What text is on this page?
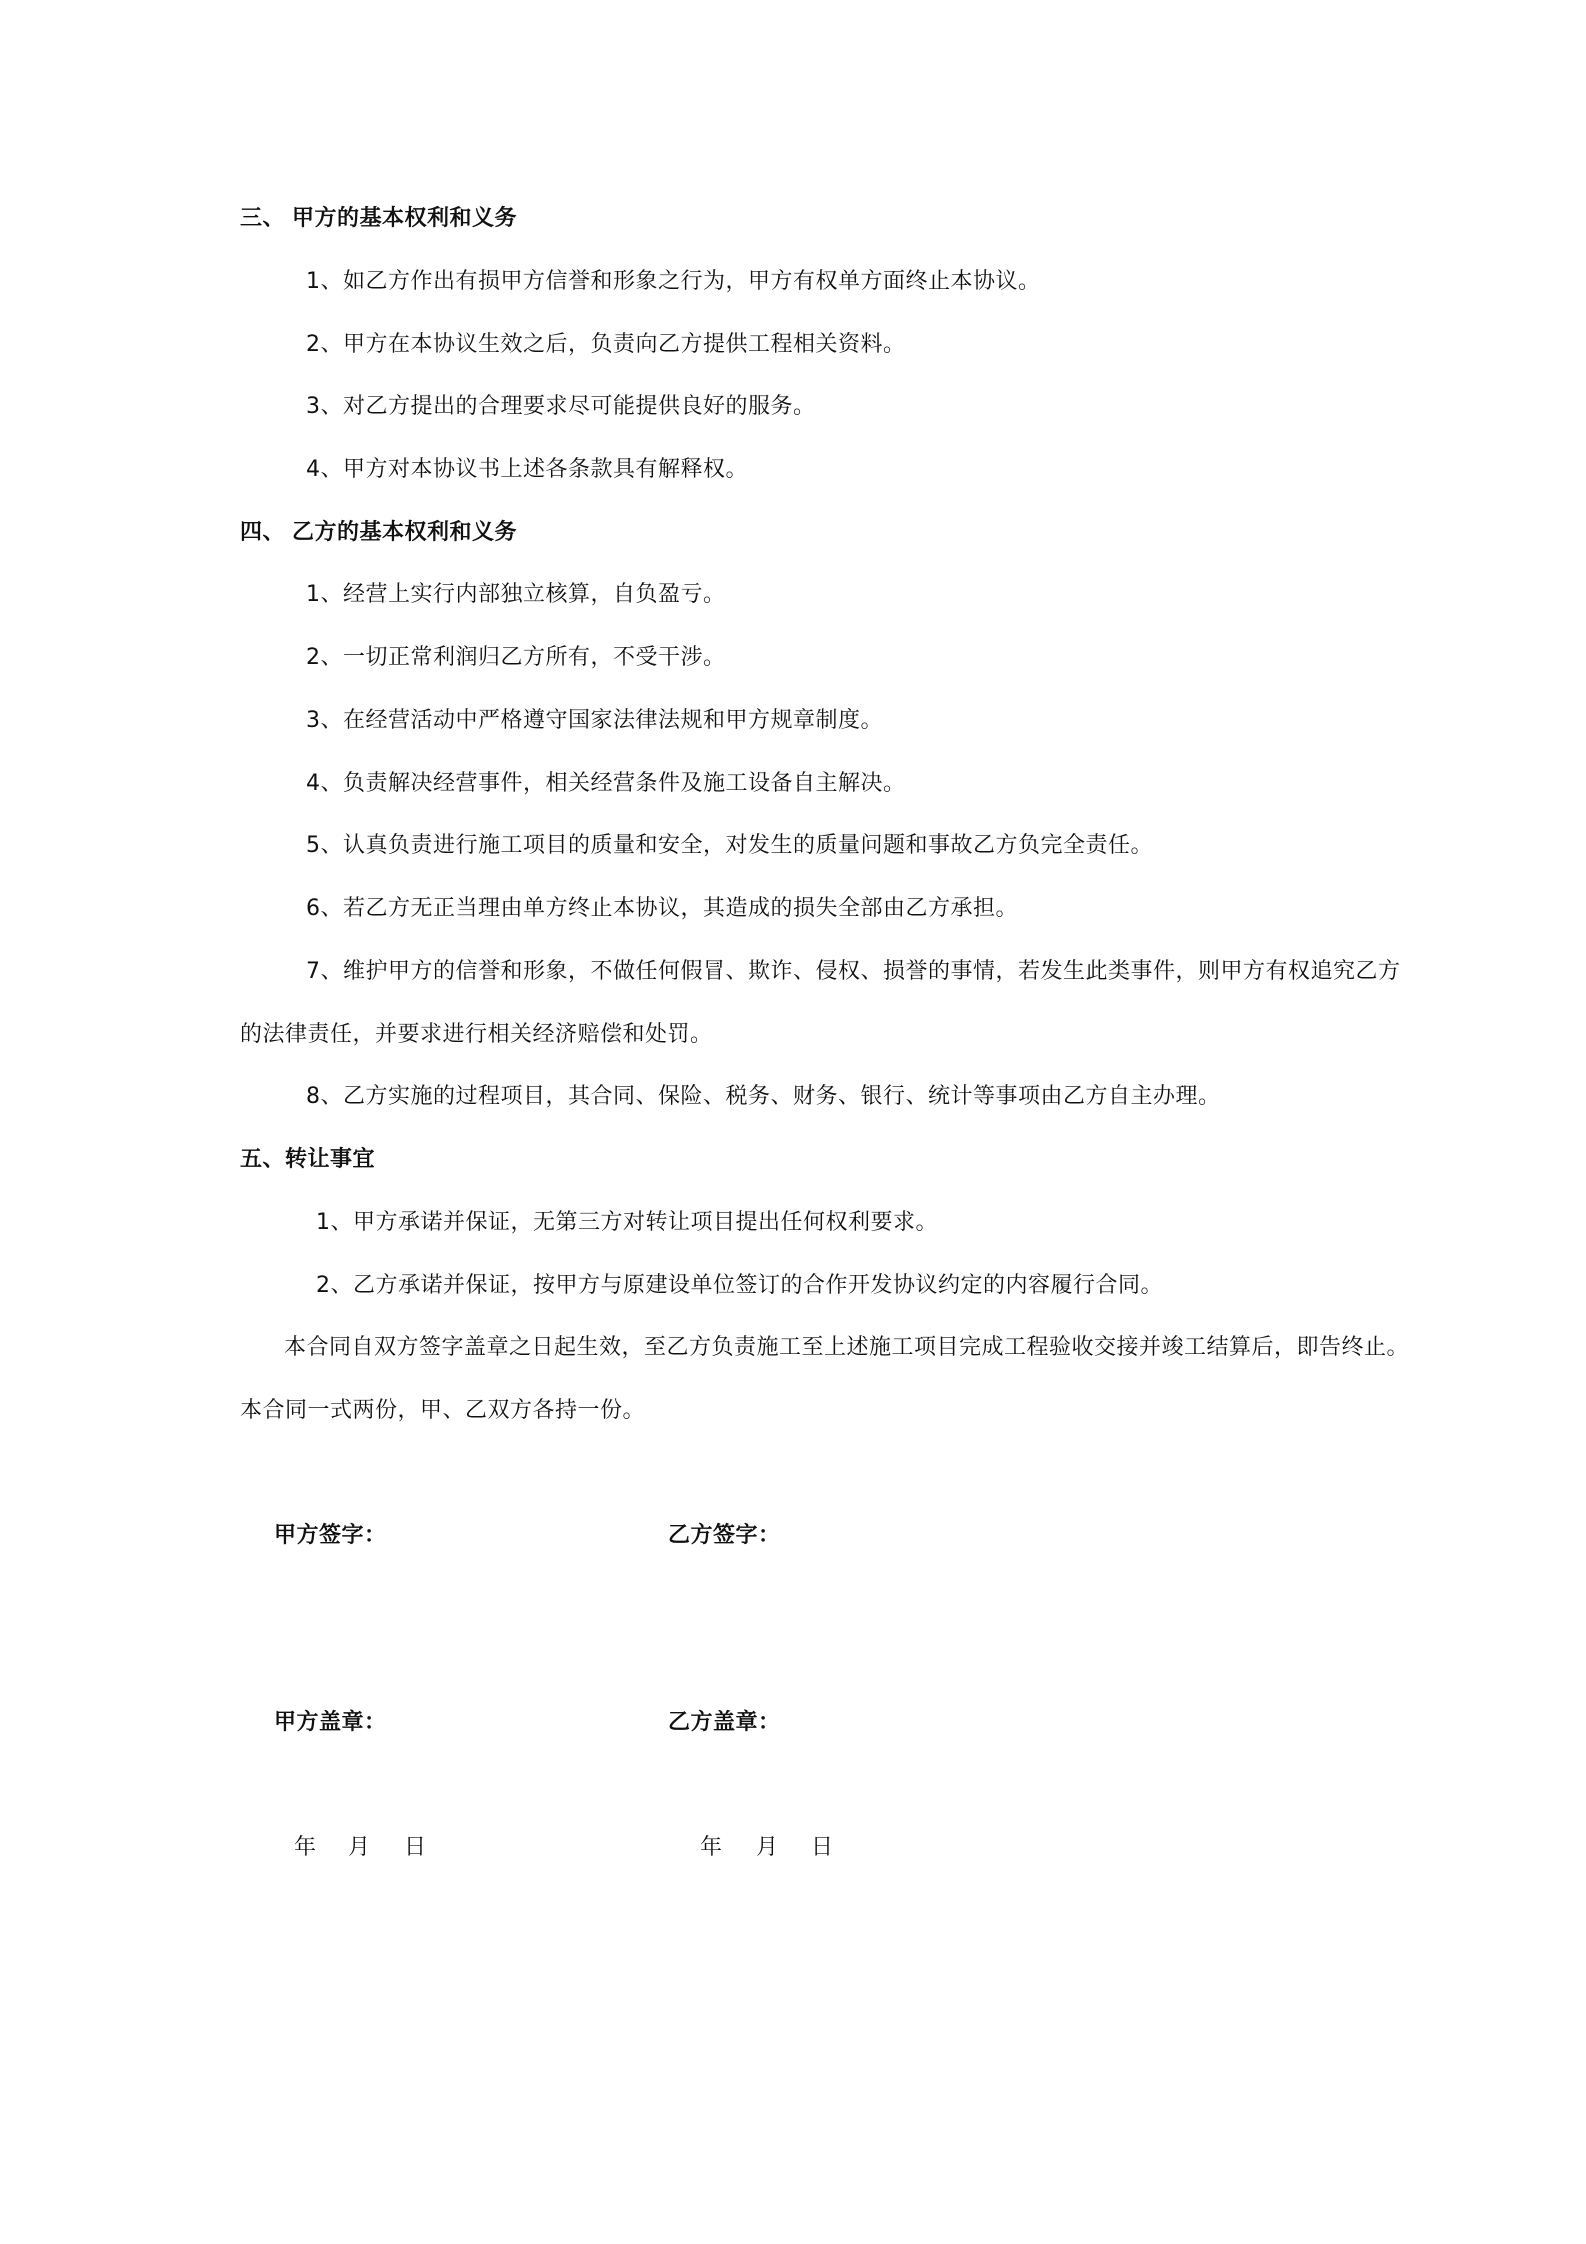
三、 甲方的基本权利和义务
1、如乙方作出有损甲方信誉和形象之行为，甲方有权单方面终止本协议。
2、甲方在本协议生效之后，负责向乙方提供工程相关资料。
3、对乙方提出的合理要求尽可能提供良好的服务。
4、甲方对本协议书上述各条款具有解释权。
四、 乙方的基本权利和义务
1、经营上实行内部独立核算，自负盈亏。
2、一切正常利润归乙方所有，不受干涉。
3、在经营活动中严格遵守国家法律法规和甲方规章制度。
4、负责解决经营事件，相关经营条件及施工设备自主解决。
5、认真负责进行施工项目的质量和安全，对发生的质量问题和事故乙方负完全责任。
6、若乙方无正当理由单方终止本协议，其造成的损失全部由乙方承担。
7、维护甲方的信誉和形象，不做任何假冒、欺诈、侵权、损誉的事情，若发生此类事件，则甲方有权追究乙方
的法律责任，并要求进行相关经济赔偿和处罚。
8、乙方实施的过程项目，其合同、保险、税务、财务、银行、统计等事项由乙方自主办理。
五、转让事宜
1、甲方承诺并保证，无第三方对转让项目提出任何权利要求。
2、乙方承诺并保证，按甲方与原建设单位签订的合作开发协议约定的内容履行合同。
本合同自双方签字盖章之日起生效，至乙方负责施工至上述施工项目完成工程验收交接并竣工结算后，即告终止。
本合同一式两份，甲、乙双方各持一份。
甲方签字：	乙方签字：
甲方盖章：	乙方盖章：
年 月 日	年 月 日
